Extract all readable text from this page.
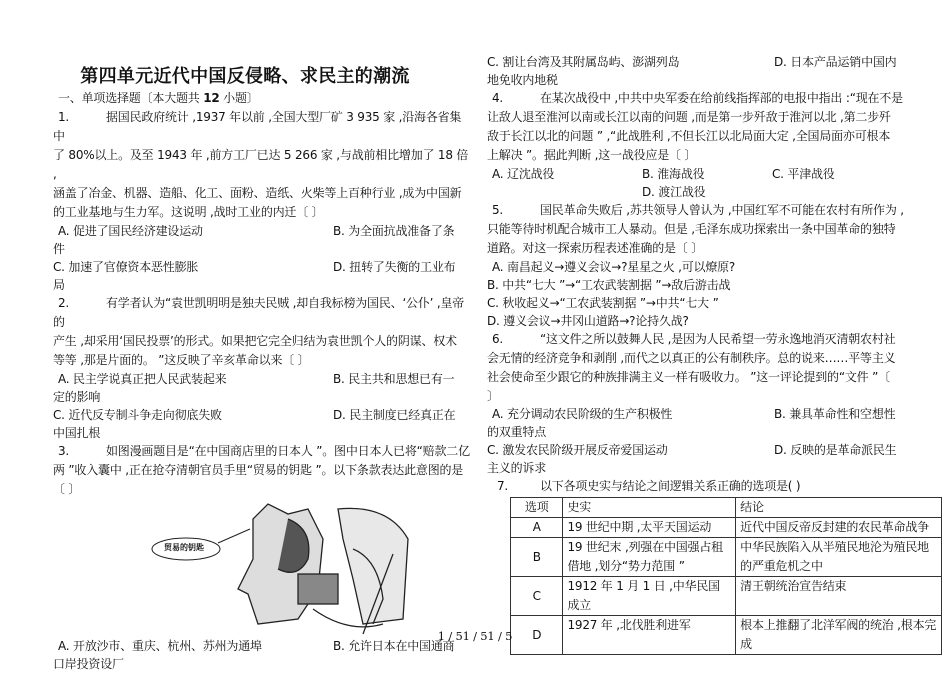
第四单元近代中国反侵略、求民主的潮流
一、单项选择题〔本大题共 12 小题〕
1.	据国民政府统计 ,1937 年以前 ,全国大型厂矿 3 935 家 ,沿海各省集中
了 80%以上。及至 1943 年 ,前方工厂已达 5 266 家 ,与战前相比增加了 18 倍 ,
涵盖了冶金、机器、造船、化工、面粉、造纸、火柴等上百种行业 ,成为中国新
的工业基地与生力军。这说明 ,战时工业的内迁〔 〕
A. 促进了国民经济建设运动	B. 为全面抗战准备了条
件
C. 加速了官僚资本恶性膨胀	D. 扭转了失衡的工业布
局
2.	有学者认为“袁世凯明明是独夫民贼 ,却自我标榜为国民、‘公仆’ ,皇帝的
产生 ,却采用‘国民投票’的形式。如果把它完全归结为袁世凯个人的阴谋、权术
等等 ,那是片面的。 ”这反映了辛亥革命以来〔 〕
A. 民主学说真正把人民武装起来	B. 民主共和思想已有一
定的影响
C. 近代反专制斗争走向彻底失败	D. 民主制度已经真正在
中国扎根
3.	如图漫画题目是“在中国商店里的日本人 ”。图中日本人已将“赔款二亿
两 ”收入囊中 ,正在抢夺清朝官员手里“贸易的钥匙 ”。以下条款表达此意图的是
〔 〕
贸易的钥匙
A. 开放沙市、重庆、杭州、苏州为通埠	B. 允许日本在中国通商
口岸投资设厂
C. 割让台湾及其附属岛屿、澎湖列岛	D. 日本产品运销中国内
地免收内地税
4.	在某次战役中 ,中共中央军委在给前线指挥部的电报中指出 :“现在不是
让敌人退至淮河以南或长江以南的问题 ,而是第一步歼敌于淮河以北 ,第二步歼
敌于长江以北的问题 ” ,“此战胜利 ,不但长江以北局面大定 ,全国局面亦可根本
上解决 ”。据此判断 ,这一战役应是〔 〕
A. 辽沈战役	B. 淮海战役	C. 平津战役
D. 渡江战役
5.	国民革命失败后 ,苏共领导人曾认为 ,中国红军不可能在农村有所作为 ,
只能等待时机配合城市工人暴动。但是 ,毛泽东成功探索出一条中国革命的独特
道路。对这一探索历程表述准确的是〔 〕
A. 南昌起义→遵义会议→?星星之火 ,可以燎原?
B. 中共“七大 ”→“工农武装割据 ”→敌后游击战
C. 秋收起义→“工农武装割据 ”→中共“七大 ”
D. 遵义会议→井冈山道路→?论持久战?
6.	“这文件之所以鼓舞人民 ,是因为人民希望一劳永逸地消灭清朝农村社
会无情的经济竞争和剥削 ,而代之以真正的公有制秩序。总的说来……平等主义
社会使命至少跟它的种族排满主义一样有吸收力。 ”这一评论提到的“文件 ”〔
〕
A. 充分调动农民阶级的生产积极性	B. 兼具革命性和空想性
的双重特点
C. 激发农民阶级开展反帝爱国运动	D. 反映的是革命派民生
主义的诉求
7.	以下各项史实与结论之间逻辑关系正确的选项是( )
选项	史实	结论
A	19 世纪中期 ,太平天国运动	近代中国反帝反封建的农民革命战争
B	19 世纪末 ,列强在中国强占租借地 ,划分“势力范围 ”	中华民族陷入从半殖民地沦为殖民地的严重危机之中
C	1912 年 1 月 1 日 ,中华民国成立	清王朝统治宣告结束
D	1927 年 ,北伐胜利进军	根本上推翻了北洋军阀的统治 ,根本完成
1 / 51 / 51 / 5
